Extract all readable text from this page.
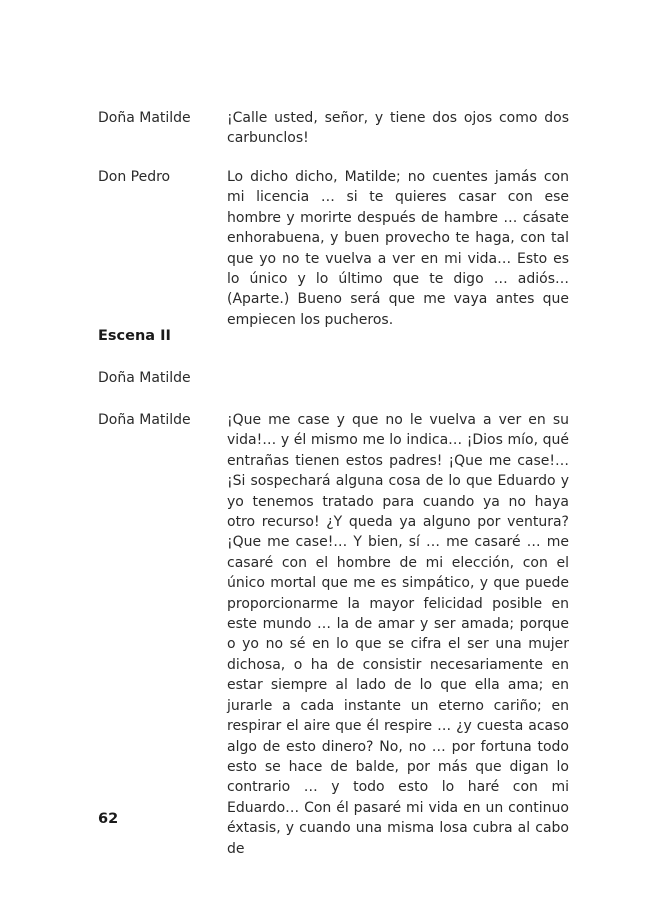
Doña Matilde	¡Calle usted, señor, y tiene dos ojos como dos carbunclos!
Don Pedro	Lo dicho dicho, Matilde; no cuentes jamás con mi licencia … si te quieres casar con ese hombre y morirte después de hambre … cásate enhorabuena, y buen provecho te haga, con tal que yo no te vuelva a ver en mi vida… Esto es lo único y lo último que te digo … adiós… (Aparte.) Bueno será que me vaya antes que empiecen los pucheros.
Escena II
Doña Matilde
Doña Matilde	¡Que me case y que no le vuelva a ver en su vida!… y él mismo me lo indica… ¡Dios mío, qué entrañas tienen estos padres! ¡Que me case!… ¡Si sospechará alguna cosa de lo que Eduardo y yo tenemos tratado para cuando ya no haya otro recurso! ¿Y queda ya alguno por ventura? ¡Que me case!… Y bien, sí … me casaré … me casaré con el hombre de mi elección, con el único mortal que me es simpático, y que puede proporcionarme la mayor felicidad posible en este mundo … la de amar y ser amada; porque o yo no sé en lo que se cifra el ser una mujer dichosa, o ha de consistir necesariamente en estar siempre al lado de lo que ella ama; en jurarle a cada instante un eterno cariño; en respirar el aire que él respire … ¿y cuesta acaso algo de esto dinero? No, no … por fortuna todo esto se hace de balde, por más que digan lo contrario … y todo esto lo haré con mi Eduardo… Con él pasaré mi vida en un continuo éxtasis, y cuando una misma losa cubra al cabo de
62
